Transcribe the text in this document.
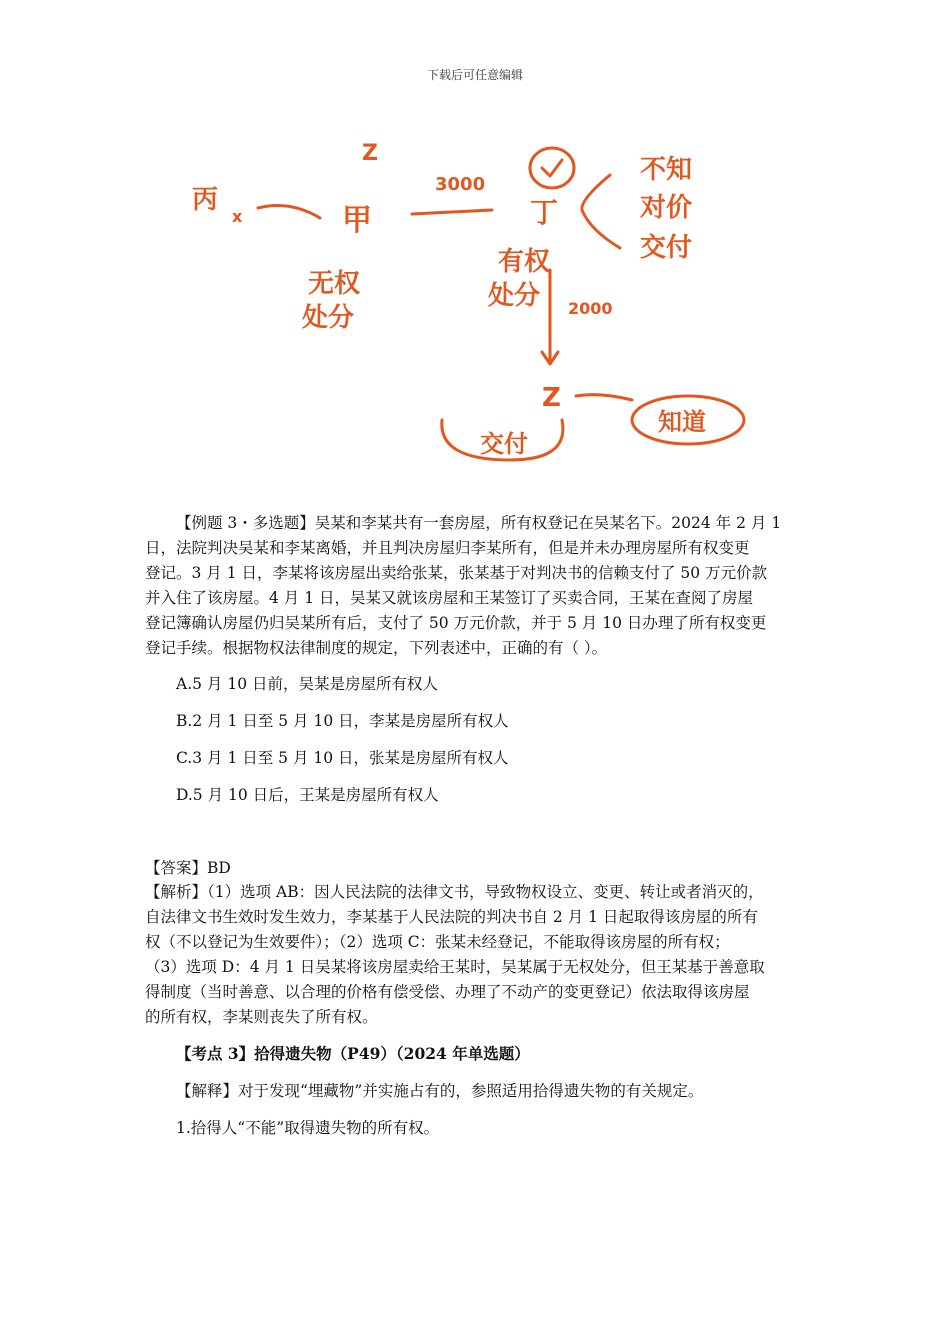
下载后可任意编辑
Z
丙
x	甲
无权
处分
3000
丁
不知
对价
交付
有权
处分 2000
Z
交付
知道
【例题 3・多选题】吴某和李某共有一套房屋，所有权登记在吴某名下。2024 年 2 月 1
日，法院判决吴某和李某离婚，并且判决房屋归李某所有，但是并未办理房屋所有权变更
登记。3 月 1 日，李某将该房屋出卖给张某，张某基于对判决书的信赖支付了 50 万元价款
并入住了该房屋。4 月 1 日，吴某又就该房屋和王某签订了买卖合同，王某在查阅了房屋
登记簿确认房屋仍归吴某所有后，支付了 50 万元价款，并于 5 月 10 日办理了所有权变更
登记手续。根据物权法律制度的规定，下列表述中，正确的有（ ）。
A.5 月 10 日前，吴某是房屋所有权人
B.2 月 1 日至 5 月 10 日，李某是房屋所有权人
C.3 月 1 日至 5 月 10 日，张某是房屋所有权人
D.5 月 10 日后，王某是房屋所有权人
【答案】BD
【解析】（1）选项 AB：因人民法院的法律文书，导致物权设立、变更、转让或者消灭的，
自法律文书生效时发生效力，李某基于人民法院的判决书自 2 月 1 日起取得该房屋的所有
权（不以登记为生效要件）；（2）选项 C：张某未经登记，不能取得该房屋的所有权；
（3）选项 D：4 月 1 日吴某将该房屋卖给王某时，吴某属于无权处分，但王某基于善意取
得制度（当时善意、以合理的价格有偿受偿、办理了不动产的变更登记）依法取得该房屋
的所有权，李某则丧失了所有权。
【考点 3】拾得遗失物（P49）（2024 年单选题）
【解释】对于发现“埋藏物”并实施占有的，参照适用拾得遗失物的有关规定。
1.拾得人“不能”取得遗失物的所有权。
